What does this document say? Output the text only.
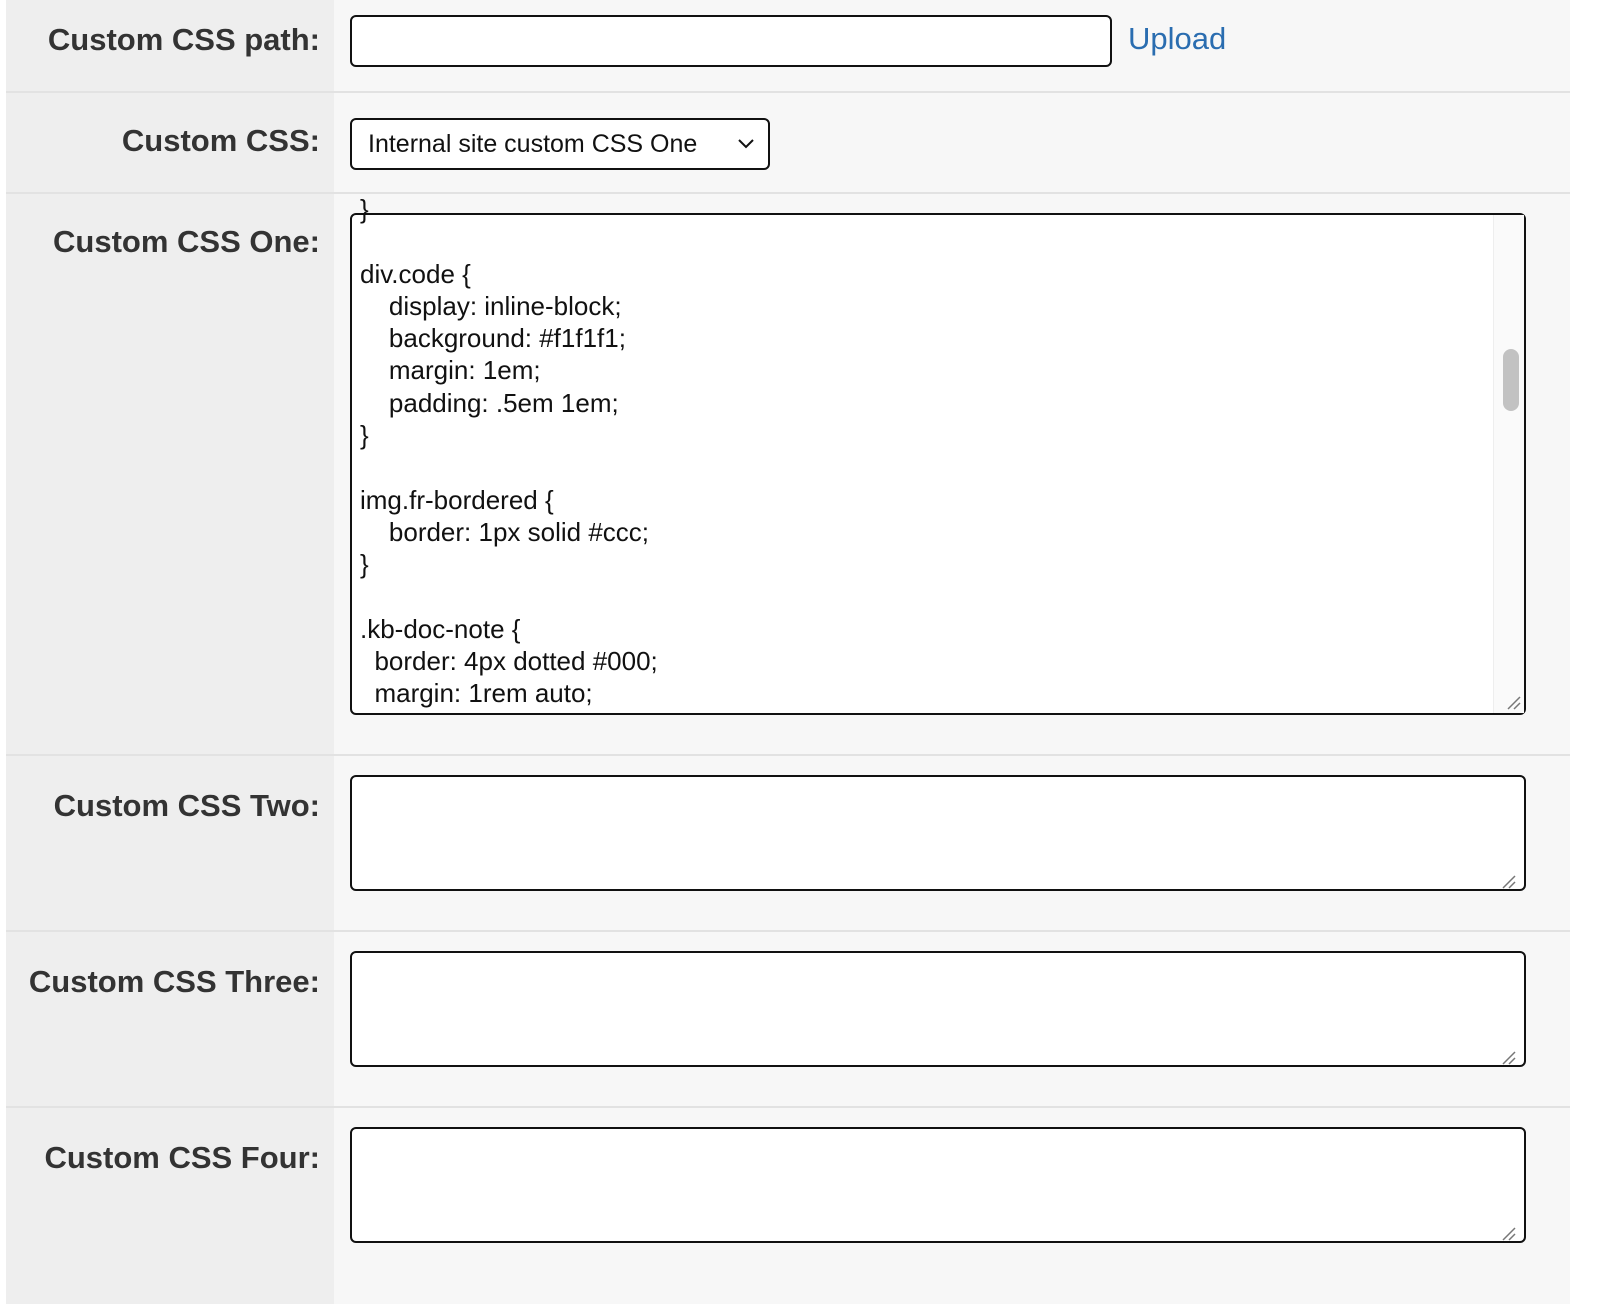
Custom CSS path:	Upload
Custom CSS:	Internal site custom CSS One
Custom CSS One:
}

div.code {
display: inline-block;
background: #f1f1f1;
margin: 1em;
padding: .5em 1em;
}

img.fr-bordered {
border: 1px solid #ccc;
}

.kb-doc-note {
border: 4px dotted #000;
margin: 1rem auto;
Custom CSS Two:
Custom CSS Three:
Custom CSS Four:
